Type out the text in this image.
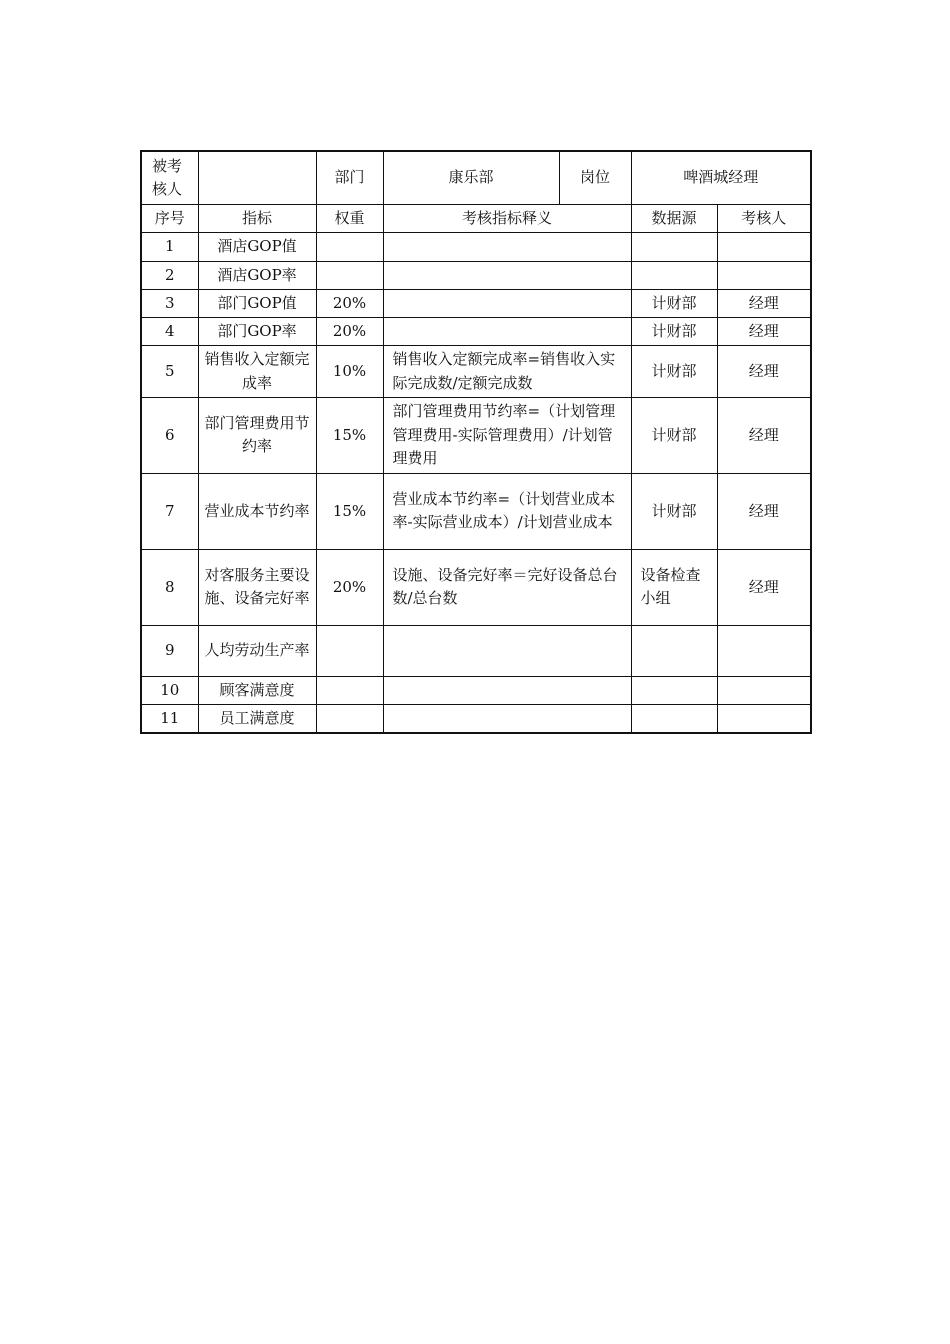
被考核人		部门	康乐部	岗位	啤酒城经理	
序号	指标	权重	考核指标释义		数据源	考核人
1	酒店GOP值					
2	酒店GOP率					
3	部门GOP值	20%			计财部	经理
4	部门GOP率	20%			计财部	经理
5	销售收入定额完成率	10%	销售收入定额完成率=销售收入实际完成数/定额完成数		计财部	经理
6	部门管理费用节约率	15%	部门管理费用节约率=（计划管理管理费用-实际管理费用）/计划管理费用		计财部	经理
7	营业成本节约率	15%	营业成本节约率=（计划营业成本率-实际营业成本）/计划营业成本		计财部	经理
8	对客服务主要设施、设备完好率	20%	设施、设备完好率＝完好设备总台数/总台数		设备检查小组	经理
9	人均劳动生产率					
10	顾客满意度					
11	员工满意度					
